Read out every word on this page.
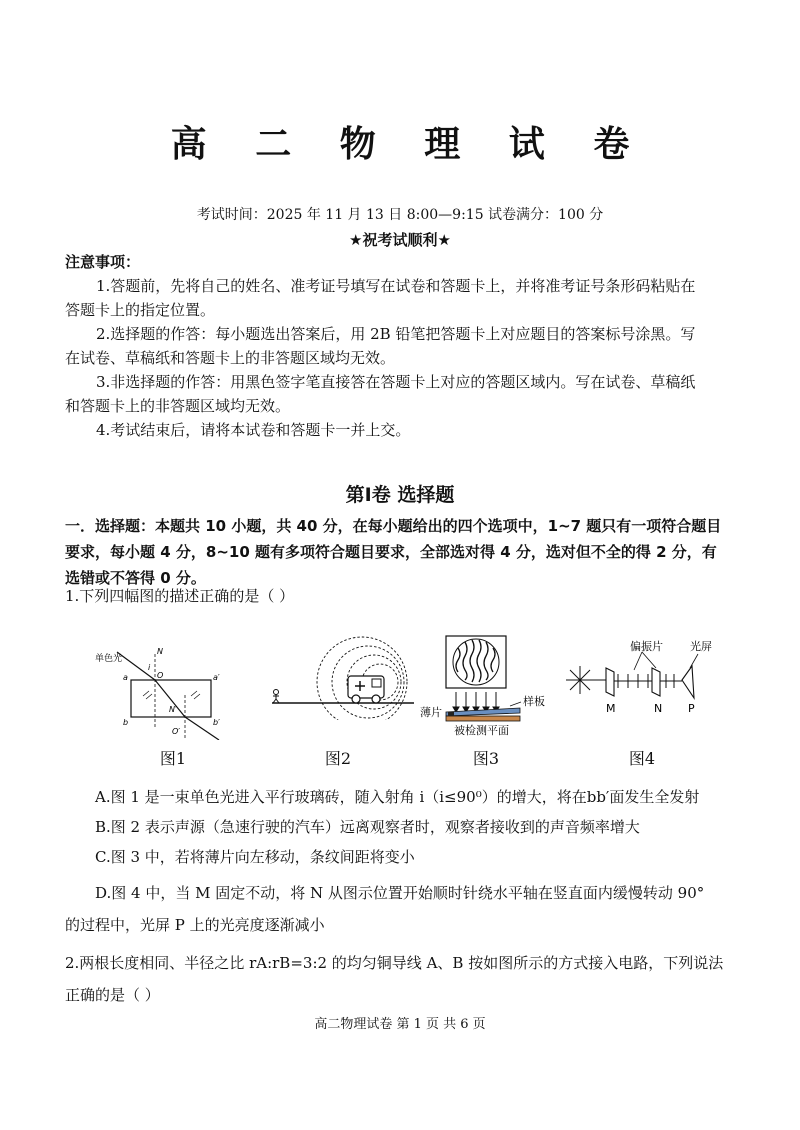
高 二 物 理 试 卷
考试时间：2025 年 11 月 13 日 8:00—9:15 试卷满分：100 分
★祝考试顺利★
注意事项：
1.答题前，先将自己的姓名、准考证号填写在试卷和答题卡上，并将准考证号条形码粘贴在
答题卡上的指定位置。
2.选择题的作答：每小题选出答案后，用 2B 铅笔把答题卡上对应题目的答案标号涂黑。写
在试卷、草稿纸和答题卡上的非答题区域均无效。
3.非选择题的作答：用黑色签字笔直接答在答题卡上对应的答题区域内。写在试卷、草稿纸
和答题卡上的非答题区域均无效。
4.考试结束后，请将本试卷和答题卡一并上交。
第Ⅰ卷 选择题
一．选择题：本题共 10 小题，共 40 分，在每小题给出的四个选项中，1~7 题只有一项符合题目
要求，每小题 4 分，8~10 题有多项符合题目要求，全部选对得 4 分，选对但不全的得 2 分，有
选错或不答得 0 分。
1.下列四幅图的描述正确的是（ ）
单色光
N
i
O
a	a′
b	b′
N′
O′
薄片
样板
被检测平面
偏振片 光屏
M	N P
图1	图2	图3	图4
A.图 1 是一束单色光进入平行玻璃砖，随入射角 i（i≤90⁰）的增大，将在bb′面发生全发射
B.图 2 表示声源（急速行驶的汽车）远离观察者时，观察者接收到的声音频率增大
C.图 3 中，若将薄片向左移动，条纹间距将变小
D.图 4 中，当 M 固定不动，将 N 从图示位置开始顺时针绕水平轴在竖直面内缓慢转动 90°
的过程中，光屏 P 上的光亮度逐渐减小
2.两根长度相同、半径之比 rA:rB=3:2 的均匀铜导线 A、B 按如图所示的方式接入电路，下列说法
正确的是（ ）
高二物理试卷 第 1 页 共 6 页
